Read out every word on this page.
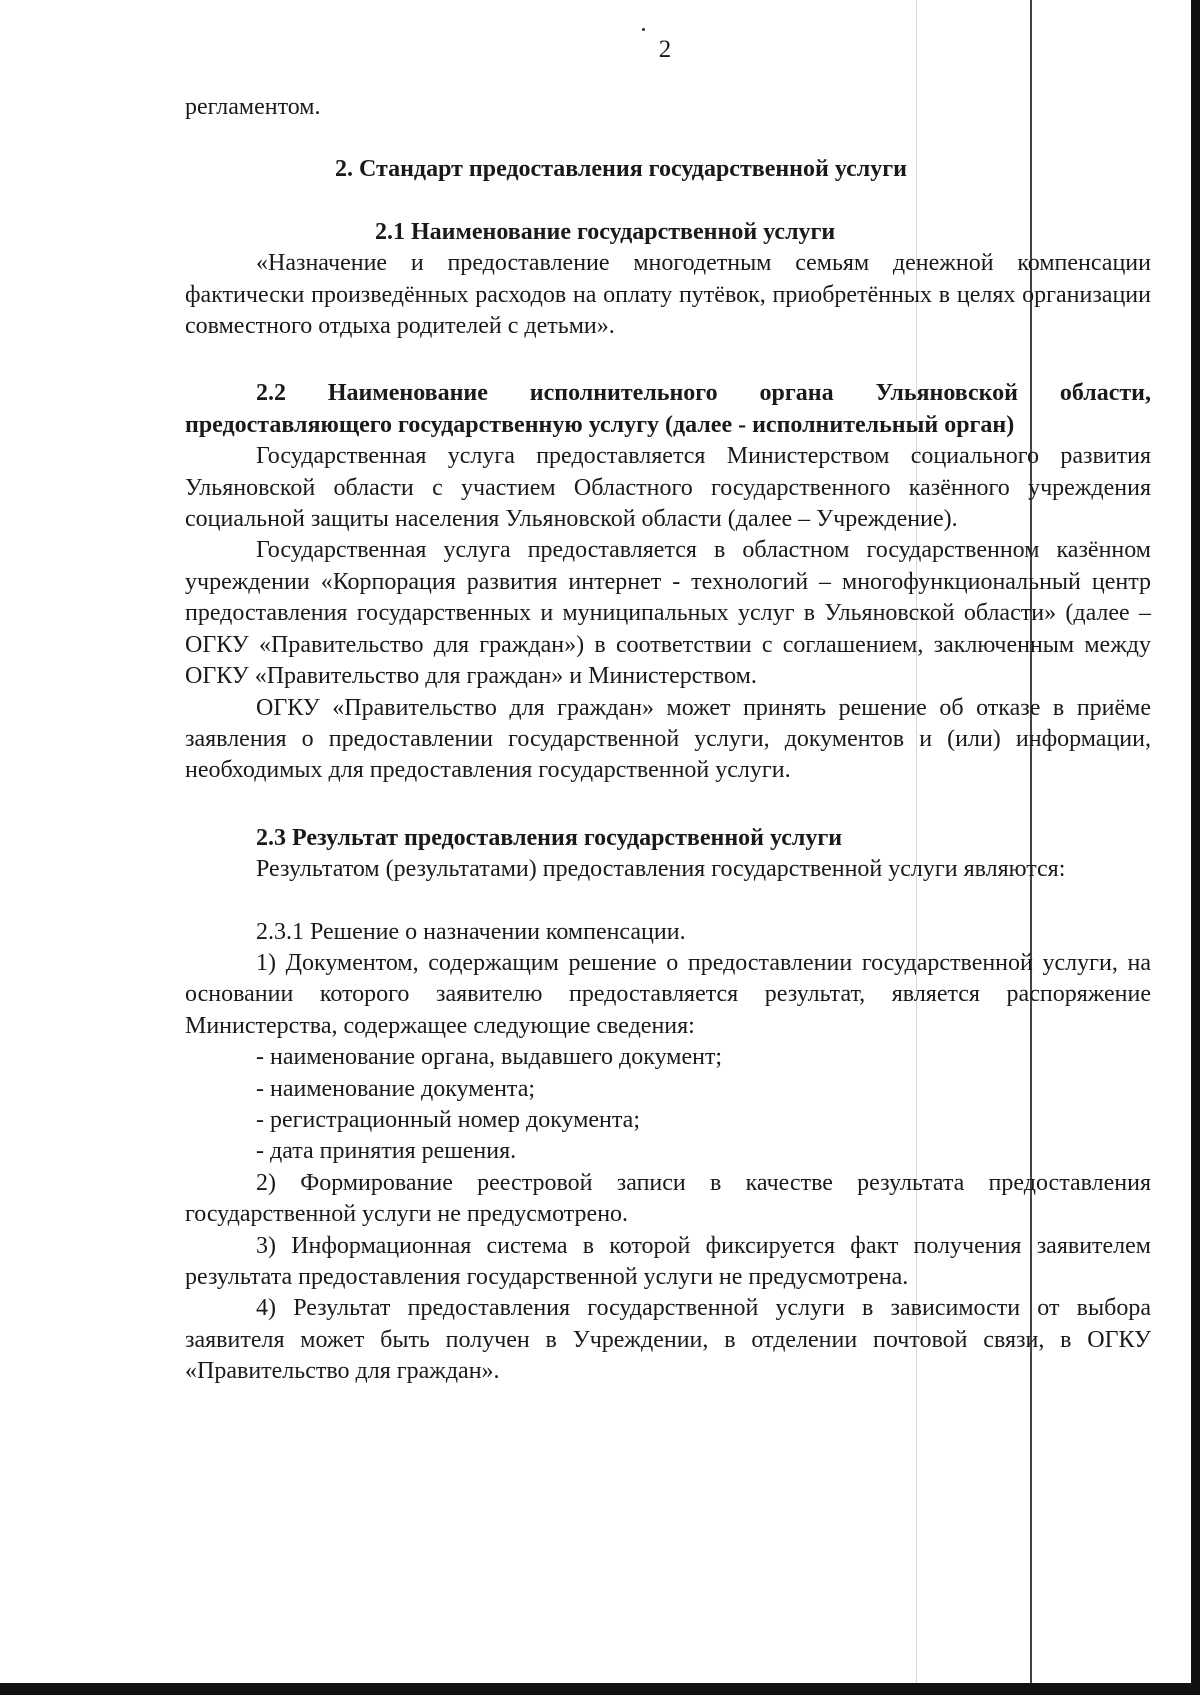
2

регламентом.

2. Стандарт предоставления государственной услуги

2.1 Наименование государственной услуги

«Назначение и предоставление многодетным семьям денежной компенсации фактически произведённых расходов на оплату путёвок, приобретённых в целях организации совместного отдыха родителей с детьми».

2.2 Наименование исполнительного органа Ульяновской области, предоставляющего государственную услугу (далее - исполнительный орган)

Государственная услуга предоставляется Министерством социального развития Ульяновской области с участием Областного государственного казённого учреждения социальной защиты населения Ульяновской области (далее – Учреждение).

Государственная услуга предоставляется в областном государственном казённом учреждении «Корпорация развития интернет - технологий – многофункциональный центр предоставления государственных и муниципальных услуг в Ульяновской области» (далее – ОГКУ «Правительство для граждан») в соответствии с соглашением, заключенным между ОГКУ «Правительство для граждан» и Министерством.

ОГКУ «Правительство для граждан» может принять решение об отказе в приёме заявления о предоставлении государственной услуги, документов и (или) информации, необходимых для предоставления государственной услуги.

2.3 Результат предоставления государственной услуги

Результатом (результатами) предоставления государственной услуги являются:

2.3.1 Решение о назначении компенсации.

1) Документом, содержащим решение о предоставлении государственной услуги, на основании которого заявителю предоставляется результат, является распоряжение Министерства, содержащее следующие сведения:

- наименование органа, выдавшего документ;

- наименование документа;

- регистрационный номер документа;

- дата принятия решения.

2) Формирование реестровой записи в качестве результата предоставления государственной услуги не предусмотрено.

3) Информационная система в которой фиксируется факт получения заявителем результата предоставления государственной услуги не предусмотрена.

4) Результат предоставления государственной услуги в зависимости от выбора заявителя может быть получен в Учреждении, в отделении почтовой связи, в ОГКУ «Правительство для граждан».
